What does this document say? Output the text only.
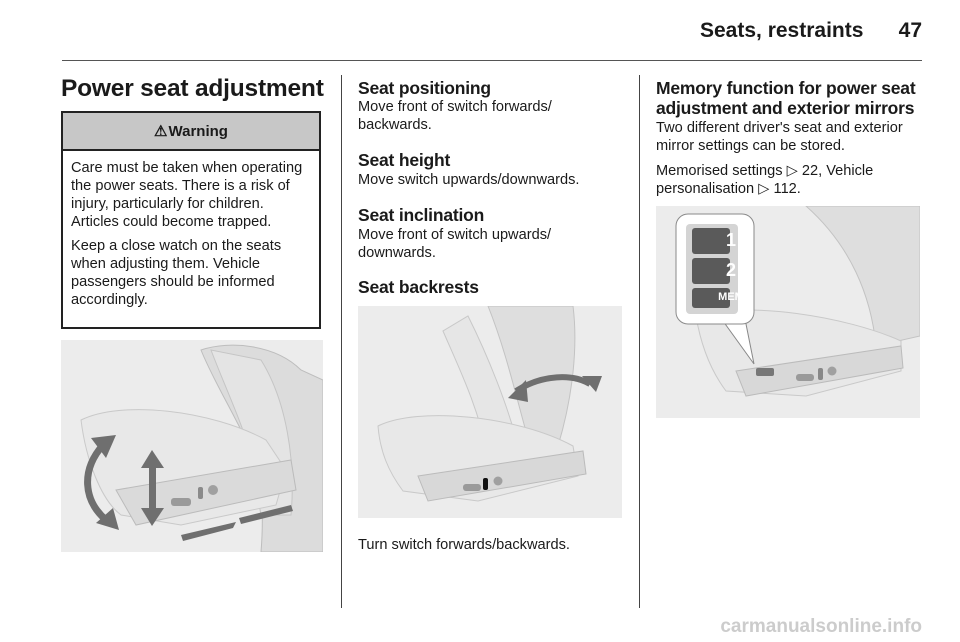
Seats, restraints	47
Power seat adjustment
⚠ Warning

Care must be taken when operating the power seats. There is a risk of injury, particularly for children. Articles could become trapped.

Keep a close watch on the seats when adjusting them. Vehicle passengers should be informed accordingly.

Seat positioning
Move front of switch forwards/ backwards.
Seat height
Move switch upwards/downwards.
Seat inclination
Move front of switch upwards/ downwards.
Seat backrests
Turn switch forwards/backwards.
Memory function for power seat
adjustment and exterior mirrors
Two different driver's seat and exterior mirror settings can be stored.
Memorised settings ▷ 22, Vehicle
personalisation ▷ 112.
1
2
MEM
carmanualsonline.info
